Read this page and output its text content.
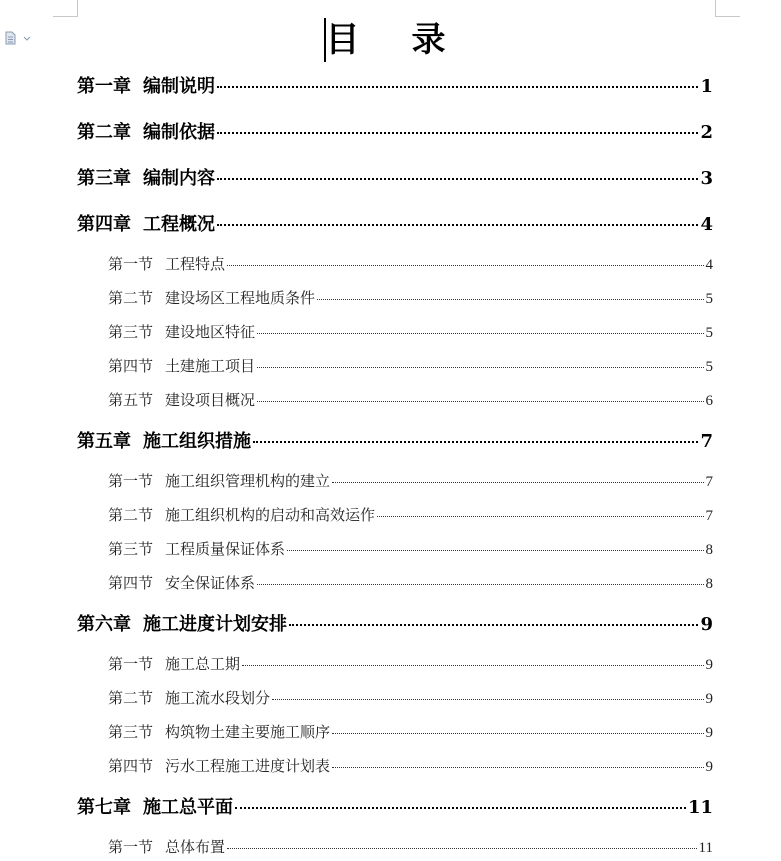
目录
第一章 编制说明	1
第二章 编制依据	2
第三章 编制内容	3
第四章 工程概况	4
第一节 工程特点	4
第二节 建设场区工程地质条件	5
第三节 建设地区特征	5
第四节 土建施工项目	5
第五节 建设项目概况	6
第五章 施工组织措施	7
第一节 施工组织管理机构的建立	7
第二节 施工组织机构的启动和高效运作	7
第三节 工程质量保证体系	8
第四节 安全保证体系	8
第六章 施工进度计划安排	9
第一节 施工总工期	9
第二节 施工流水段划分	9
第三节 构筑物土建主要施工顺序	9
第四节 污水工程施工进度计划表	9
第七章 施工总平面	11
第一节 总体布置	11
